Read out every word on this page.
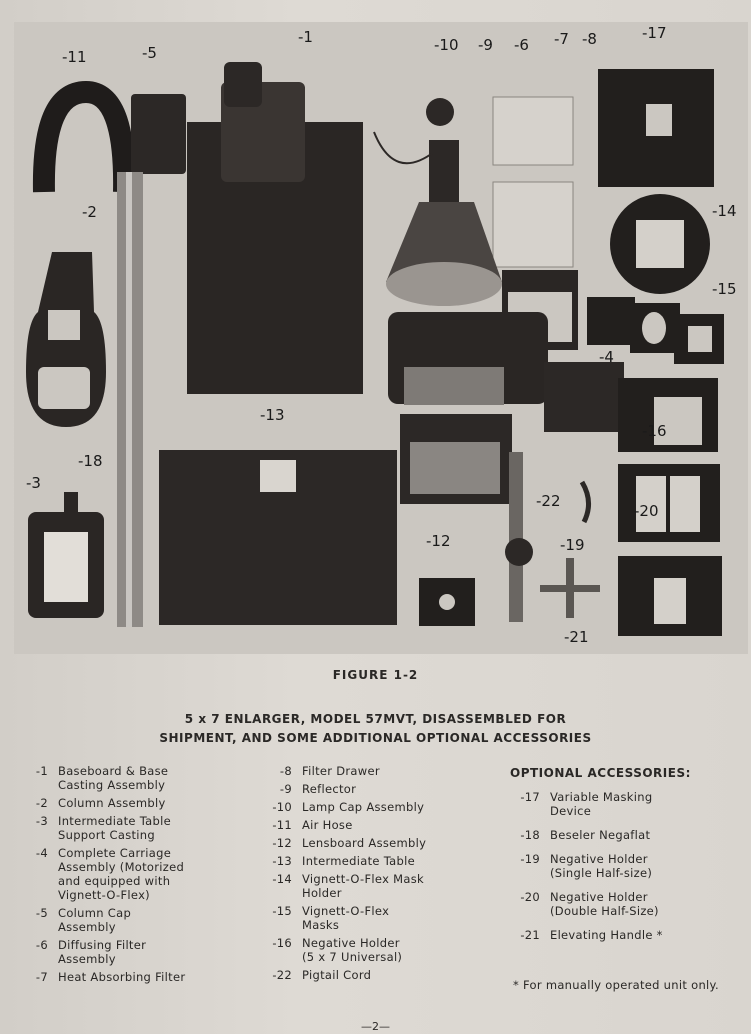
-1
-2
-3
-4
-5	-6 -7 -8
-9
-10
-11
-12
-13
-14
-15
-16
-17
-18
-19
-20
-21
-22
FIGURE 1-2
5 x 7 ENLARGER, MODEL 57MVT, DISASSEMBLED FOR
SHIPMENT, AND SOME ADDITIONAL OPTIONAL ACCESSORIES
-1 Baseboard & Base
Casting Assembly
-2 Column Assembly
-3 Intermediate Table
Support Casting
-4 Complete Carriage
Assembly (Motorized
and equipped with
Vignett-O-Flex)
-5 Column Cap
Assembly
-6 Diffusing Filter
Assembly
-7 Heat Absorbing Filter
-8 Filter Drawer
-9 Reflector
-10 Lamp Cap Assembly
-11 Air Hose
-12 Lensboard Assembly
-13 Intermediate Table
-14 Vignett-O-Flex Mask
Holder
-15 Vignett-O-Flex
Masks
-16 Negative Holder
(5 x 7 Universal)
-22 Pigtail Cord
OPTIONAL ACCESSORIES:
-17 Variable Masking
Device
-18 Beseler Negaflat
-19 Negative Holder
(Single Half-size)
-20 Negative Holder
(Double Half-Size)
-21 Elevating Handle *
* For manually operated unit only.
—2—
